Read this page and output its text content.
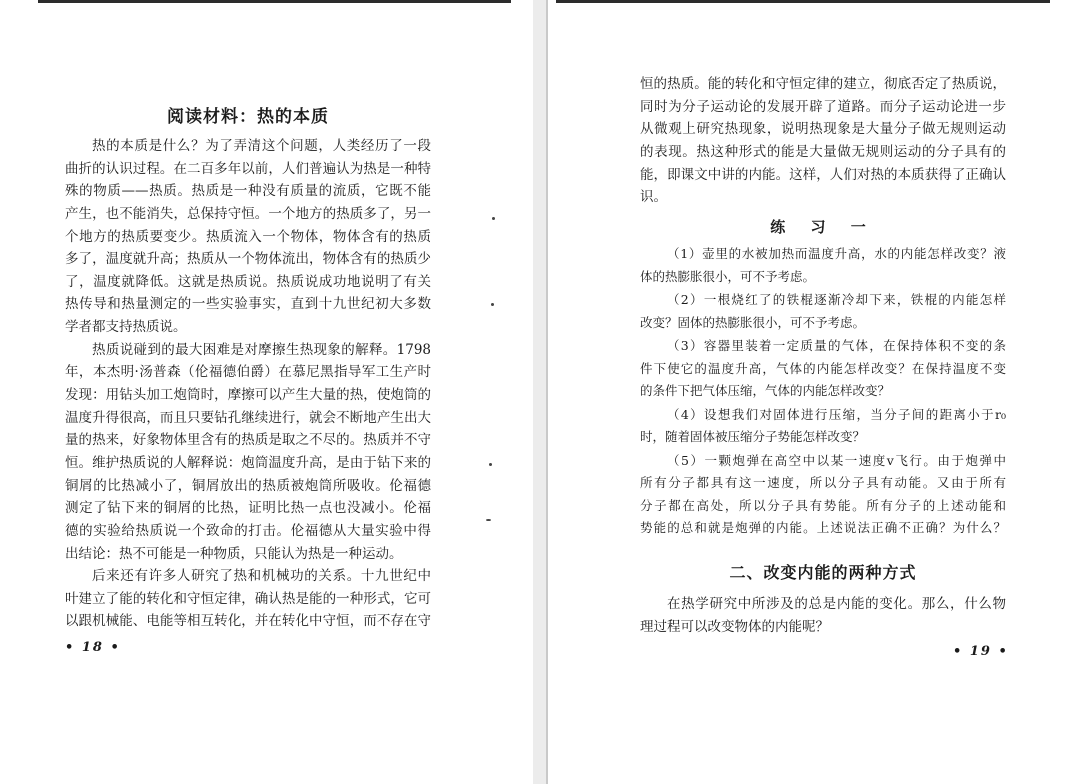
阅读材料：热的本质
热的本质是什么？为了弄清这个问题，人类经历了一段
曲折的认识过程。在二百多年以前，人们普遍认为热是一种特
殊的物质——热质。热质是一种没有质量的流质，它既不能
产生，也不能消失，总保持守恒。一个地方的热质多了，另一
个地方的热质要变少。热质流入一个物体，物体含有的热质
多了，温度就升高；热质从一个物体流出，物体含有的热质少
了，温度就降低。这就是热质说。热质说成功地说明了有关
热传导和热量测定的一些实验事实，直到十九世纪初大多数
学者都支持热质说。
热质说碰到的最大困难是对摩擦生热现象的解释。1798
年，本杰明·汤普森（伦福德伯爵）在慕尼黑指导军工生产时
发现：用钻头加工炮筒时，摩擦可以产生大量的热，使炮筒的
温度升得很高，而且只要钻孔继续进行，就会不断地产生出大
量的热来，好象物体里含有的热质是取之不尽的。热质并不守
恒。维护热质说的人解释说：炮筒温度升高，是由于钻下来的
铜屑的比热减小了，铜屑放出的热质被炮筒所吸收。伦福德
测定了钻下来的铜屑的比热，证明比热一点也没减小。伦福
德的实验给热质说一个致命的打击。伦福德从大量实验中得
出结论：热不可能是一种物质，只能认为热是一种运动。
后来还有许多人研究了热和机械功的关系。十九世纪中
叶建立了能的转化和守恒定律，确认热是能的一种形式，它可
以跟机械能、电能等相互转化，并在转化中守恒，而不存在守
• 18 •
恒的热质。能的转化和守恒定律的建立，彻底否定了热质说，
同时为分子运动论的发展开辟了道路。而分子运动论进一步
从微观上研究热现象，说明热现象是大量分子做无规则运动
的表现。热这种形式的能是大量做无规则运动的分子具有的
能，即课文中讲的内能。这样，人们对热的本质获得了正确认
识。
练 习 一
（1）壶里的水被加热而温度升高，水的内能怎样改变？液
体的热膨胀很小，可不予考虑。
（2）一根烧红了的铁棍逐渐冷却下来，铁棍的内能怎样
改变？固体的热膨胀很小，可不予考虑。
（3）容器里装着一定质量的气体，在保持体积不变的条
件下使它的温度升高，气体的内能怎样改变？在保持温度不变
的条件下把气体压缩，气体的内能怎样改变？
（4）设想我们对固体进行压缩，当分子间的距离小于r₀
时，随着固体被压缩分子势能怎样改变？
（5）一颗炮弹在高空中以某一速度v飞行。由于炮弹中
所有分子都具有这一速度，所以分子具有动能。又由于所有
分子都在高处，所以分子具有势能。所有分子的上述动能和
势能的总和就是炮弹的内能。上述说法正确不正确？为什么？
二、改变内能的两种方式
在热学研究中所涉及的总是内能的变化。那么，什么物
理过程可以改变物体的内能呢？
• 19 •
